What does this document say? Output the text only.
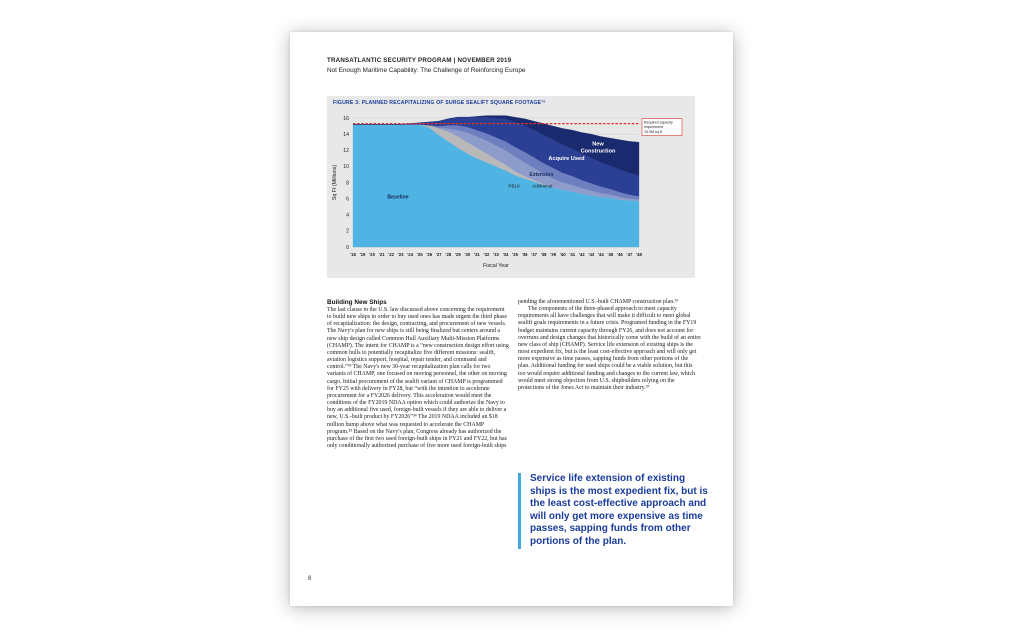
TRANSATLANTIC SECURITY PROGRAM | NOVEMBER 2019
Not Enough Maritime Capability: The Challenge of Reinforcing Europe
FIGURE 3: PLANNED RECAPITALIZING OF SURGE SEALIFT SQUARE FOOTAGE¹⁶
0
2
4
6
8
10
12
14
16
Required capacity
requirement
15.3M sq ft
'18 '19 '20 '21 '22 '23 '24 '25 '26 '27 '28 '29 '30 '31 '32 '33 '34 '35 '36 '37 '38 '39 '40 '41 '42 '43 '44 '45 '46 '47 '48
Fiscal Year
Sq Ft (Millions)	Baseline
PB19	Additional
Extension
Acquire Used
New
Construction
Building New Ships

The last clause in the U.S. law discussed above concerning the requirement to build new ships in order to buy used ones has made urgent the third phase of recapitalization: the design, contracting, and procurement of new vessels. The Navy's plan for new ships is still being finalized but centers around a new ship design called Common Hull Auxiliary Multi-Mission Platforms (CHAMP). The intent for CHAMP is a “new construction design effort using common hulls to potentially recapitalize five different missions: sealift, aviation logistics support, hospital, repair tender, and command and control.”³³ The Navy's new 30-year recapitalization plan calls for two variants of CHAMP, one focused on moving personnel, the other on moving cargo. Initial procurement of the sealift variant of CHAMP is programmed for FY25 with delivery in FY28, but “with the intention to accelerate procurement for a FY2026 delivery. This acceleration would meet the conditions of the FY2019 NDAA option which could authorize the Navy to buy an additional five used, foreign-built vessels if they are able to deliver a new, U.S.-built product by FY2026”³⁴ The 2019 NDAA included an $18 million bump above what was requested to accelerate the CHAMP program.³⁵ Based on the Navy's plan, Congress already has authorized the purchase of the first two used foreign-built ships in FY21 and FY22, but has only conditionally authorized purchase of five more used foreign-built ships

pending the aforementioned U.S.-built CHAMP construction plan.³⁶

The components of the three-phased approach to meet capacity requirements all have challenges that will make it difficult to meet global sealift goals requirements in a future crisis. Programed funding in the FY19 budget maintains current capacity through FY26, and does not account for overruns and design changes that historically come with the build of an entire new class of ship (CHAMP). Service life extension of existing ships is the most expedient fix, but is the least cost-effective approach and will only get more expensive as time passes, sapping funds from other portions of the plan. Additional funding for used ships could be a viable solution, but this too would require additional funding and changes to the current law, which would meet strong objection from U.S. shipbuilders relying on the protections of the Jones Act to maintain their industry.³⁷

Service life extension of existing ships is the most expedient fix, but is the least cost-effective approach and will only get more expensive as time passes, sapping funds from other portions of the plan.
8
